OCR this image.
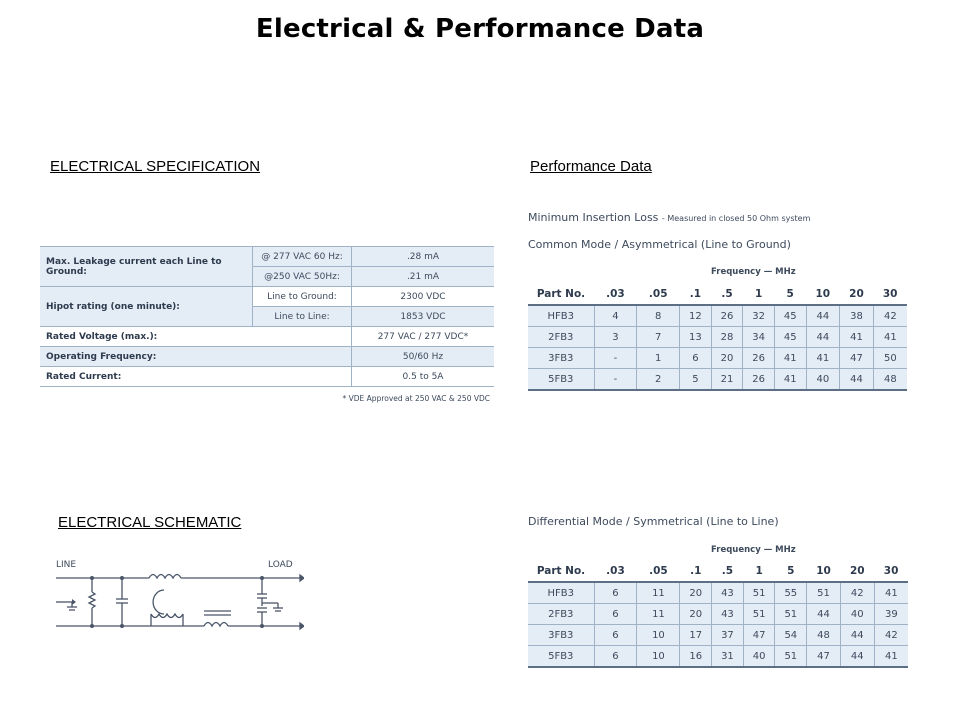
Electrical & Performance Data
ELECTRICAL SPECIFICATION
Max. Leakage current each Line to Ground:	@ 277 VAC 60 Hz:	.28 mA
	@250 VAC 50Hz:	.21 mA
Hipot rating (one minute):	Line to Ground:	2300 VDC
	Line to Line:	1853 VDC
Rated Voltage (max.):		277 VAC / 277 VDC*
Operating Frequency:		50/60 Hz
Rated Current:		0.5 to 5A
* VDE Approved at 250 VAC & 250 VDC
Performance Data
Minimum Insertion Loss - Measured in closed 50 Ohm system
Common Mode / Asymmetrical (Line to Ground)
Frequency — MHz
Part No.	.03	.05	.1	.5	1	5	10	20	30
HFB3	4	8	12	26	32	45	44	38	42
2FB3	3	7	13	28	34	45	44	41	41
3FB3	-	1	6	20	26	41	41	47	50
5FB3	-	2	5	21	26	41	40	44	48
Differential Mode / Symmetrical (Line to Line)
Frequency — MHz
Part No.	.03	.05	.1	.5	1	5	10	20	30
HFB3	6	11	20	43	51	55	51	42	41
2FB3	6	11	20	43	51	51	44	40	39
3FB3	6	10	17	37	47	54	48	44	42
5FB3	6	10	16	31	40	51	47	44	41
ELECTRICAL SCHEMATIC
LINE	LOAD
